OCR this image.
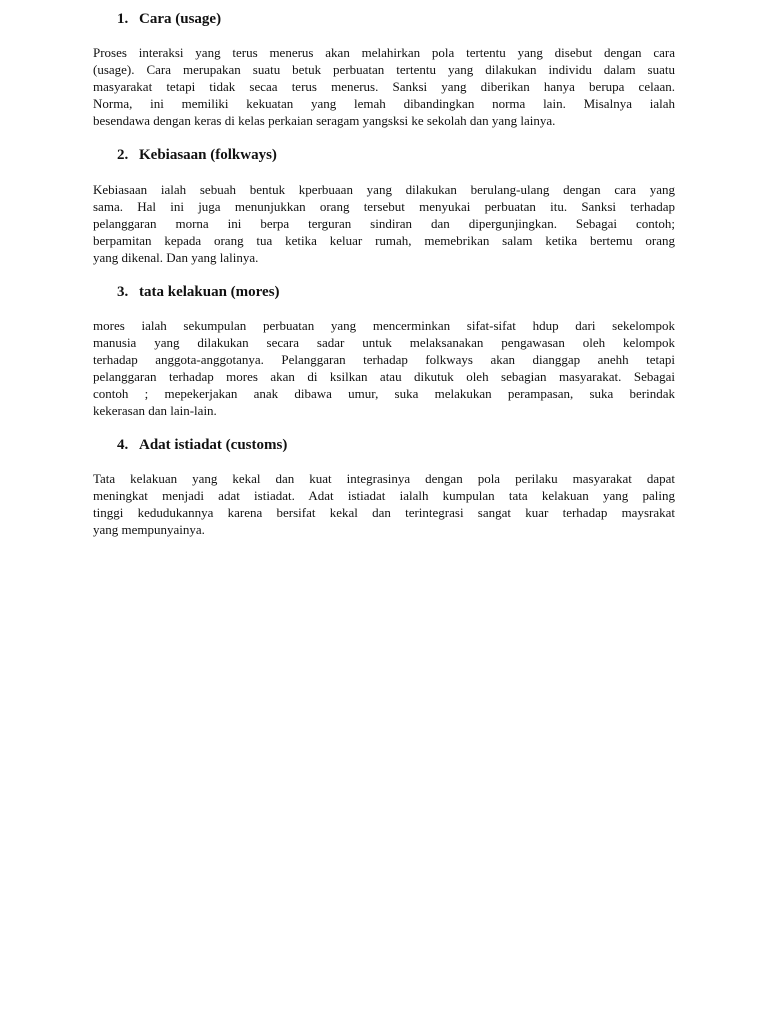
1. Cara (usage)
Proses interaksi yang terus menerus akan melahirkan pola tertentu yang disebut dengan cara
(usage). Cara merupakan suatu betuk perbuatan tertentu yang dilakukan individu dalam suatu
masyarakat tetapi tidak secaa terus menerus. Sanksi yang diberikan hanya berupa celaan.
Norma, ini memiliki kekuatan yang lemah dibandingkan norma lain. Misalnya ialah
besendawa dengan keras di kelas perkaian seragam yangsksi ke sekolah dan yang lainya.
2. Kebiasaan (folkways)
Kebiasaan ialah sebuah bentuk kperbuaan yang dilakukan berulang-ulang dengan cara yang
sama. Hal ini juga menunjukkan orang tersebut menyukai perbuatan itu. Sanksi terhadap
pelanggaran morna ini berpa terguran sindiran dan dipergunjingkan. Sebagai contoh;
berpamitan kepada orang tua ketika keluar rumah, memebrikan salam ketika bertemu orang
yang dikenal. Dan yang lalinya.
3. tata kelakuan (mores)
mores ialah sekumpulan perbuatan yang mencerminkan sifat-sifat hdup dari sekelompok
manusia yang dilakukan secara sadar untuk melaksanakan pengawasan oleh kelompok
terhadap anggota-anggotanya. Pelanggaran terhadap folkways akan dianggap anehh tetapi
pelanggaran terhadap mores akan di ksilkan atau dikutuk oleh sebagian masyarakat. Sebagai
contoh ; mepekerjakan anak dibawa umur, suka melakukan perampasan, suka berindak
kekerasan dan lain-lain.
4. Adat istiadat (customs)
Tata kelakuan yang kekal dan kuat integrasinya dengan pola perilaku masyarakat dapat
meningkat menjadi adat istiadat. Adat istiadat ialalh kumpulan tata kelakuan yang paling
tinggi kedudukannya karena bersifat kekal dan terintegrasi sangat kuar terhadap maysrakat
yang mempunyainya.
